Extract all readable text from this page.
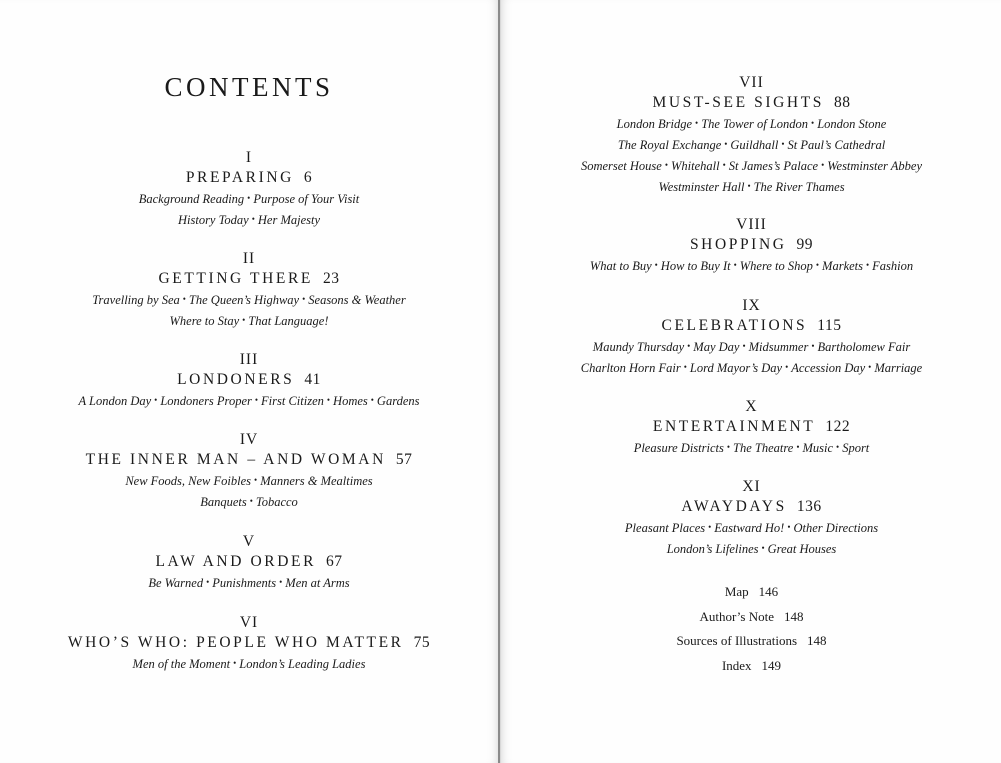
CONTENTS
I
PREPARING 6
Background Reading • Purpose of Your Visit
History Today • Her Majesty
II
GETTING THERE 23
Travelling by Sea • The Queen’s Highway • Seasons & Weather
Where to Stay • That Language!
III
LONDONERS 41
A London Day • Londoners Proper • First Citizen • Homes • Gardens
IV
THE INNER MAN – AND WOMAN 57
New Foods, New Foibles • Manners & Mealtimes
Banquets • Tobacco
V
LAW AND ORDER 67
Be Warned • Punishments • Men at Arms
VI
WHO’S WHO: PEOPLE WHO MATTER 75
Men of the Moment • London’s Leading Ladies
VII
MUST-SEE SIGHTS 88
London Bridge • The Tower of London • London Stone
The Royal Exchange • Guildhall • St Paul’s Cathedral
Somerset House • Whitehall • St James’s Palace • Westminster Abbey
Westminster Hall • The River Thames
VIII
SHOPPING 99
What to Buy • How to Buy It • Where to Shop • Markets • Fashion
IX
CELEBRATIONS 115
Maundy Thursday • May Day • Midsummer • Bartholomew Fair
Charlton Horn Fair • Lord Mayor’s Day • Accession Day • Marriage
X
ENTERTAINMENT 122
Pleasure Districts • The Theatre • Music • Sport
XI
AWAYDAYS 136
Pleasant Places • Eastward Ho! • Other Directions
London’s Lifelines • Great Houses
Map 146
Author’s Note 148
Sources of Illustrations 148
Index 149
